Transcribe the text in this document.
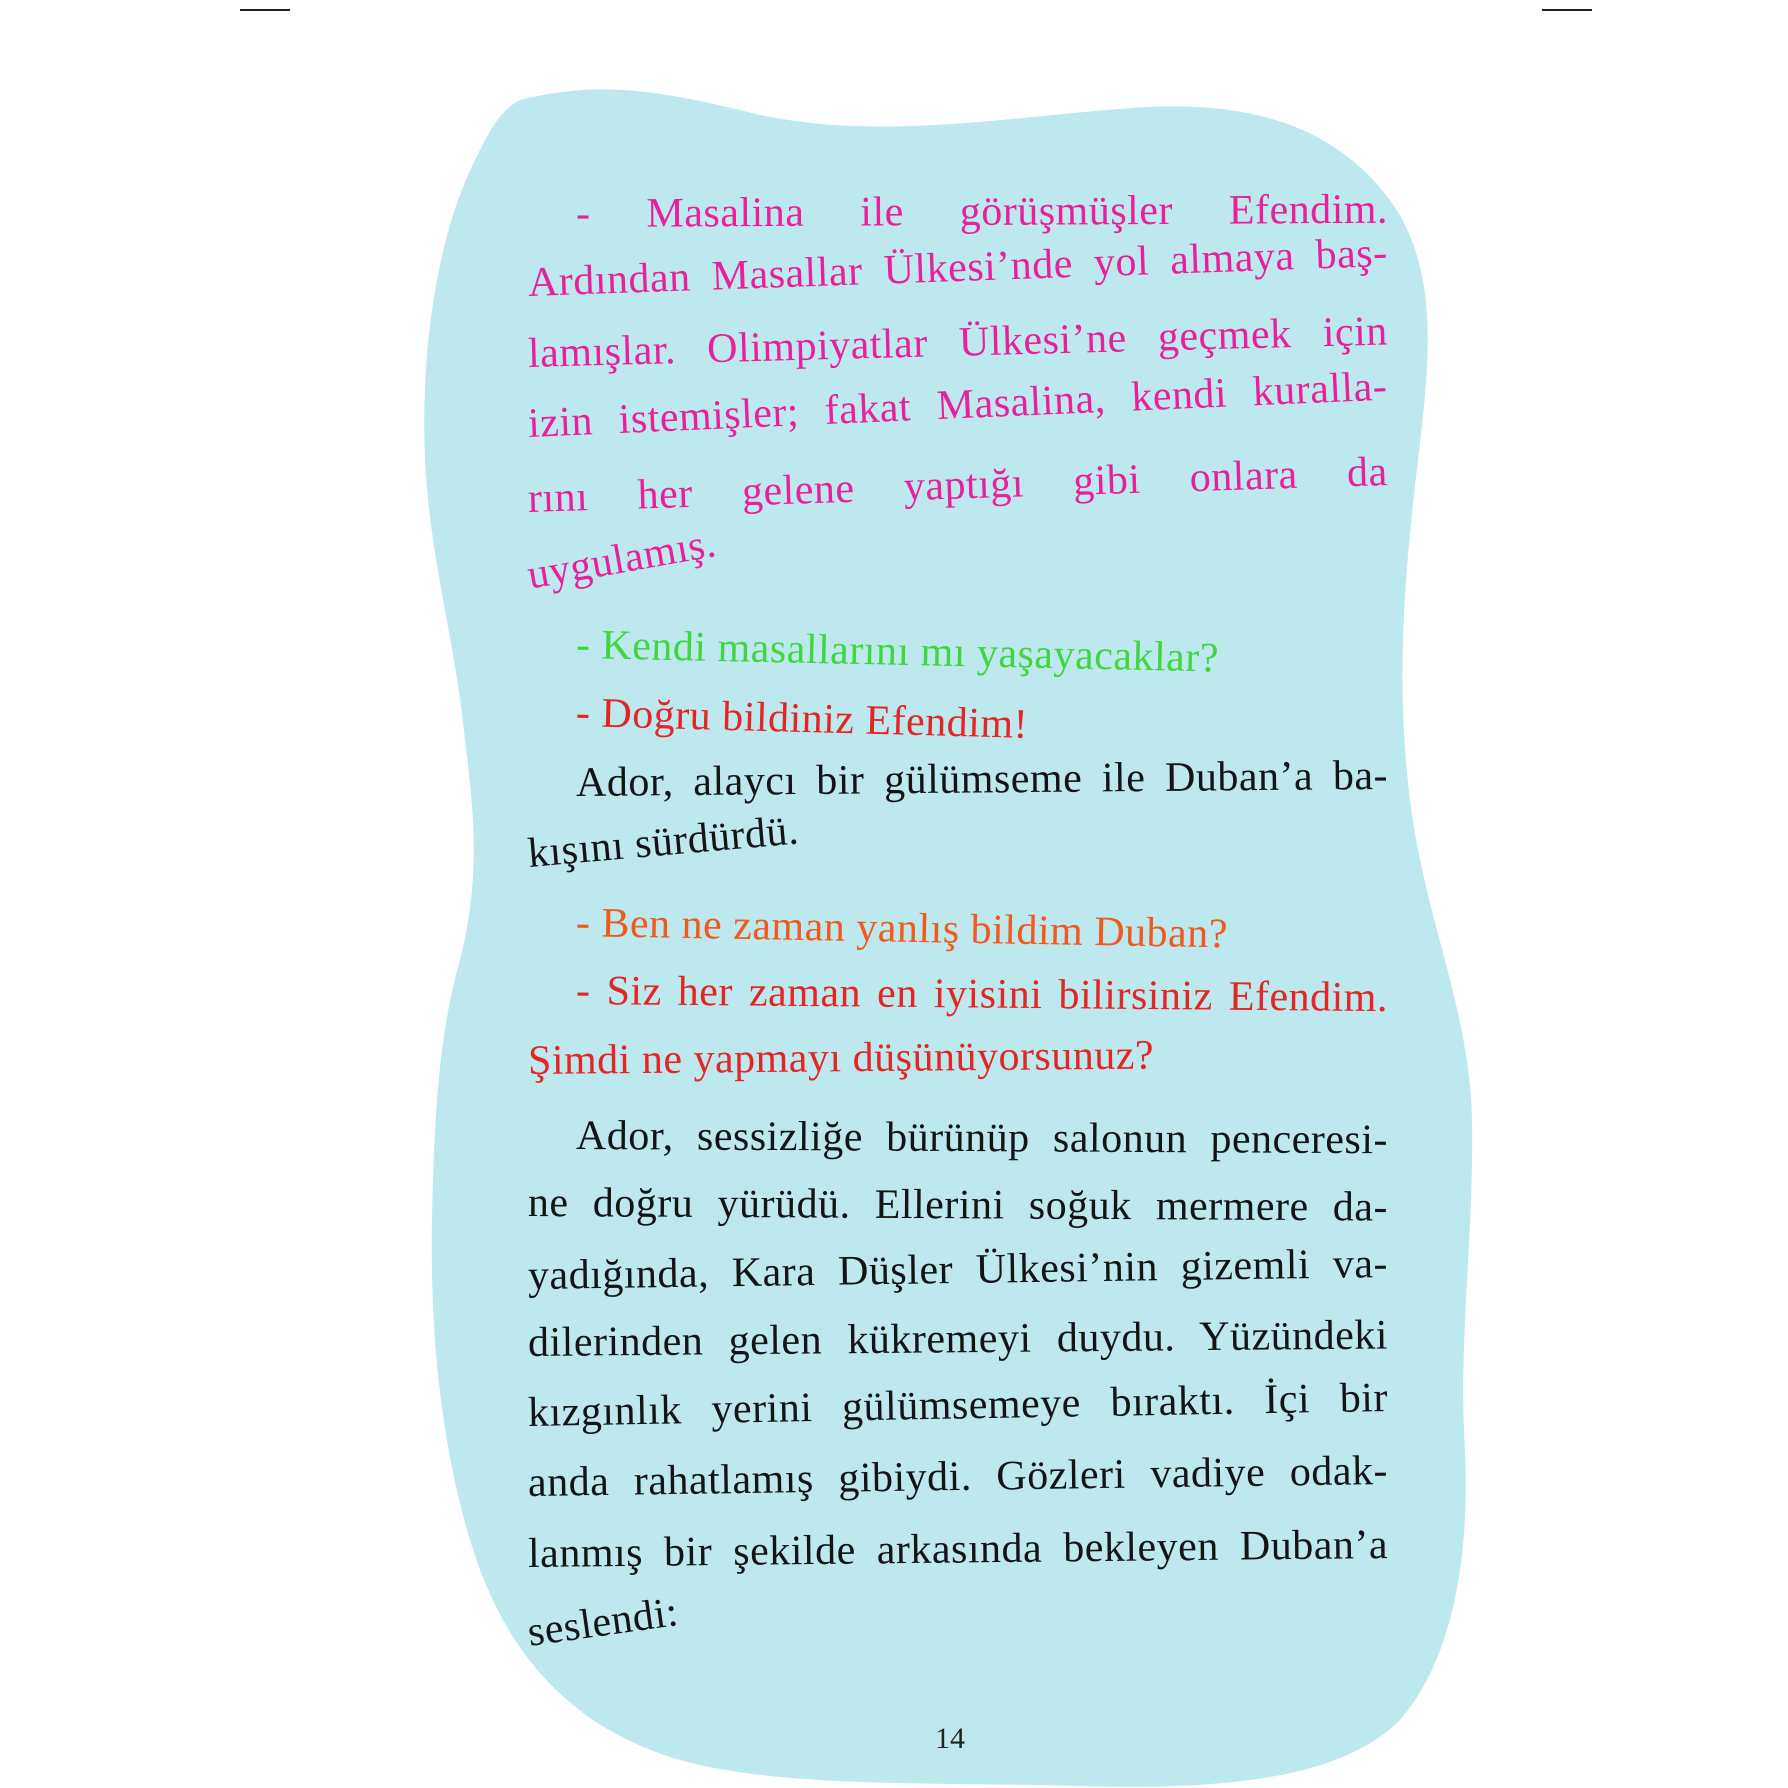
- Masalina ile görüşmüşler Efendim.
Ardından Masallar Ülkesi’nde yol almaya baş-
lamışlar. Olimpiyatlar Ülkesi’ne geçmek için
izin istemişler; fakat Masalina, kendi kuralla-
rını her gelene yaptığı gibi onlara da
uygulamış.
- Kendi masallarını mı yaşayacaklar?
- Doğru bildiniz Efendim!
Ador, alaycı bir gülümseme ile Duban’a ba-
kışını sürdürdü.
- Ben ne zaman yanlış bildim Duban?
- Siz her zaman en iyisini bilirsiniz Efendim.
Şimdi ne yapmayı düşünüyorsunuz?
Ador, sessizliğe bürünüp salonun penceresi-
ne doğru yürüdü. Ellerini soğuk mermere da-
yadığında, Kara Düşler Ülkesi’nin gizemli va-
dilerinden gelen kükremeyi duydu. Yüzündeki
kızgınlık yerini gülümsemeye bıraktı. İçi bir
anda rahatlamış gibiydi. Gözleri vadiye odak-
lanmış bir şekilde arkasında bekleyen Duban’a
seslendi:
14
